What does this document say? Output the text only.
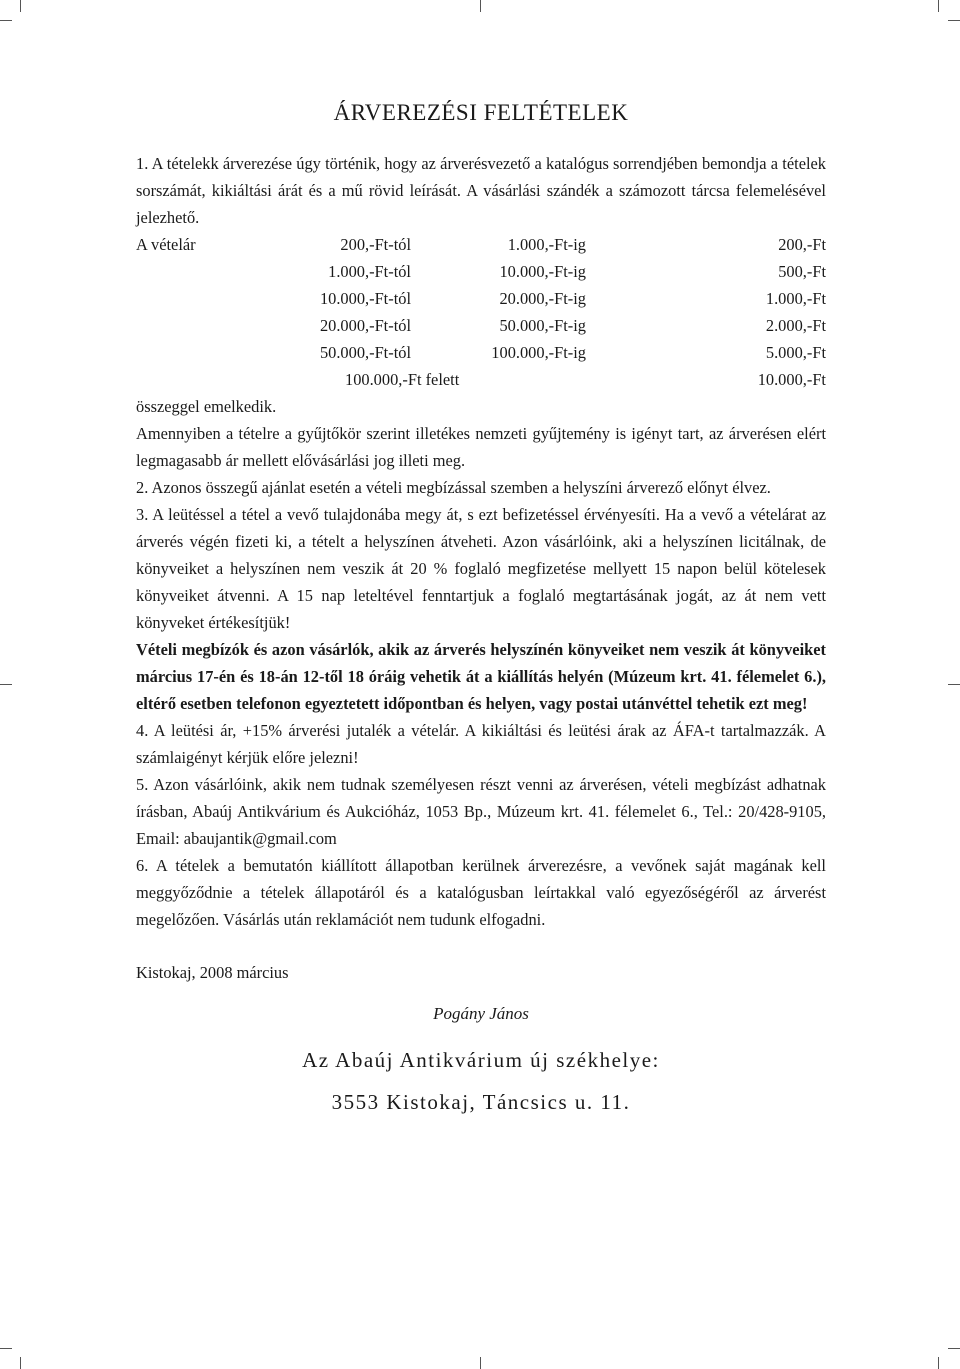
ÁRVEREZÉSI FELTÉTELEK

1. A tételekk árverezése úgy történik, hogy az árverésvezető a katalógus sorrendjében bemondja a tételek sorszámát, kikiáltási árát és a mű rövid leírását. A vásárlási szándék a számozott tárcsa felemelésével jelezhető.

A vételár	200,-Ft-tól	1.000,-Ft-ig	200,-Ft
1.000,-Ft-tól	10.000,-Ft-ig	500,-Ft
10.000,-Ft-tól	20.000,-Ft-ig	1.000,-Ft
20.000,-Ft-tól	50.000,-Ft-ig	2.000,-Ft
50.000,-Ft-tól	100.000,-Ft-ig	5.000,-Ft
100.000,-Ft felett	10.000,-Ft

összeggel emelkedik.

Amennyiben a tételre a gyűjtőkör szerint illetékes nemzeti gyűjtemény is igényt tart, az árverésen elért legmagasabb ár mellett elővásárlási jog illeti meg.

2. Azonos összegű ajánlat esetén a vételi megbízással szemben a helyszíni árverező előnyt élvez.

3. A leütéssel a tétel a vevő tulajdonába megy át, s ezt befizetéssel érvényesíti. Ha a vevő a vételárat az árverés végén fizeti ki, a tételt a helyszínen átveheti. Azon vásárlóink, aki a helyszínen licitálnak, de könyveiket a helyszínen nem veszik át 20 % foglaló megfizetése mellyett 15 napon belül kötelesek könyveiket átvenni. A 15 nap leteltével fenntartjuk a foglaló megtartásának jogát, az át nem vett könyveket értékesítjük!

Vételi megbízók és azon vásárlók, akik az árverés helyszínén könyveiket nem veszik át könyveiket március 17-én és 18-án 12-től 18 óráig vehetik át a kiállítás helyén (Múzeum krt. 41. félemelet 6.), eltérő esetben telefonon egyeztetett időpontban és helyen, vagy postai utánvéttel tehetik ezt meg!

4. A leütési ár, +15% árverési jutalék a vételár. A kikiáltási és leütési árak az ÁFA-t tartalmazzák. A számlaigényt kérjük előre jelezni!

5. Azon vásárlóink, akik nem tudnak személyesen részt venni az árverésen, vételi megbízást adhatnak írásban, Abaúj Antikvárium és Aukcióház, 1053 Bp., Múzeum krt. 41. félemelet 6., Tel.: 20/428-9105, Email: abaujantik@gmail.com

6. A tételek a bemutatón kiállított állapotban kerülnek árverezésre, a vevőnek saját magának kell meggyőződnie a tételek állapotáról és a katalógusban leírtakkal való egyezőségéről az árverést megelőzően. Vásárlás után reklamációt nem tudunk elfogadni.

Kistokaj, 2008 március

Pogány János
Az Abaúj Antikvárium új székhelye:
3553 Kistokaj, Táncsics u. 11.
